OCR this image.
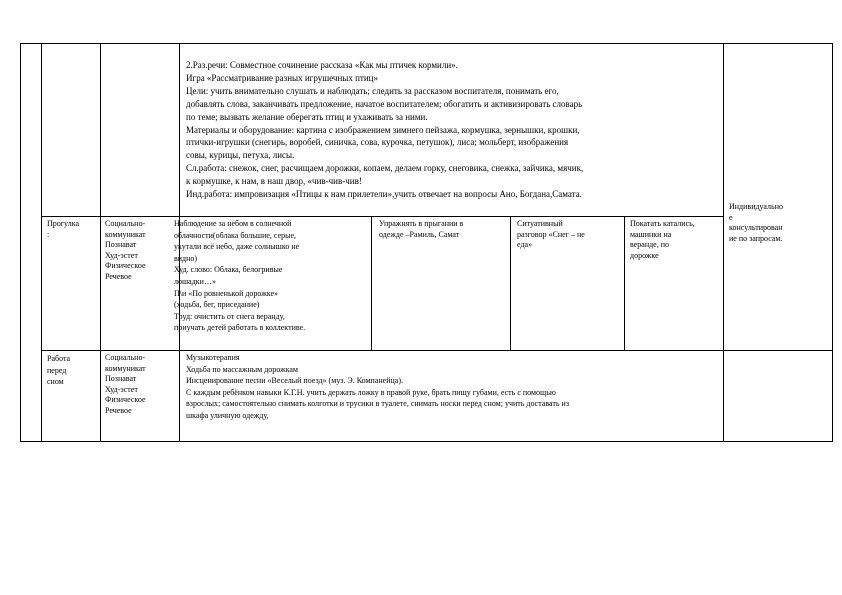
2.Раз.речи: Совместное сочинение рассказа «Как мы птичек кормили».
Игра «Рассматривание разных игрушечных птиц»
Цели: учить внимательно слушать и наблюдать; следить за рассказом воспитателя, понимать его,
добавлять слова, заканчивать предложение, начатое воспитателем; обогатить и активизировать словарь
по теме; вызвать желание оберегать птиц и ухаживать за ними.
Материалы и оборудование: картина с изображением зимнего пейзажа, кормушка, зернышки, крошки,
птички-игрушки (снегирь, воробей, синичка, сова, курочка, петушок), лиса; мольберт, изображения
совы, курицы, петуха, лисы.
Сл.работа: снежок, снег, расчищаем дорожки, копаем, делаем горку, снеговика, снежка, зайчика, мячик,
к кормушке, к нам, в наш двор, «чив-чив-чив!
Инд.работа: импровизация «Птицы к нам прилетели»,учить отвечает на вопросы Ано, Богдана,Самата.
Индивидуально
е
консультирован
ие по запросам.
Прогулка
:
Социально-
коммуникат
Познават
Худ-эстет
Физическое
Речевое
Наблюдение за небом в солнечной
облачности(облака большие, серые,
укутали всё небо, даже солнышко не
видно)
Худ. слово: Облака, белогривые
лошадки…»
П\и «По ровненькой дорожке»
(ходьба, бег, приседание)
Труд: очистить от снега веранду,
приучать детей работать в коллективе.
Упражнять в прыгании в
одежде –Рамиль, Самат
Ситуативный
разговор «Снег – не
еда»
Покатать катались,
машинки на
веранде, по
дорожке
Работа
перед
сном
Социально-
коммуникат
Познават
Худ-эстет
Физическое
Речевое
Музыкотерапия
Ходьба по массажным дорожкам
Инсценирование песни «Веселый поезд» (муз. Э. Компанейца).
С каждым ребёнком навыки К.Г.Н. учить держать ложку в правой руке, брать пищу губами, есть с помощью
взрослых; самостоятельно снимать колготки и трусики в туалете, снимать носки перед сном; учить доставать из
шкафа уличную одежду,
